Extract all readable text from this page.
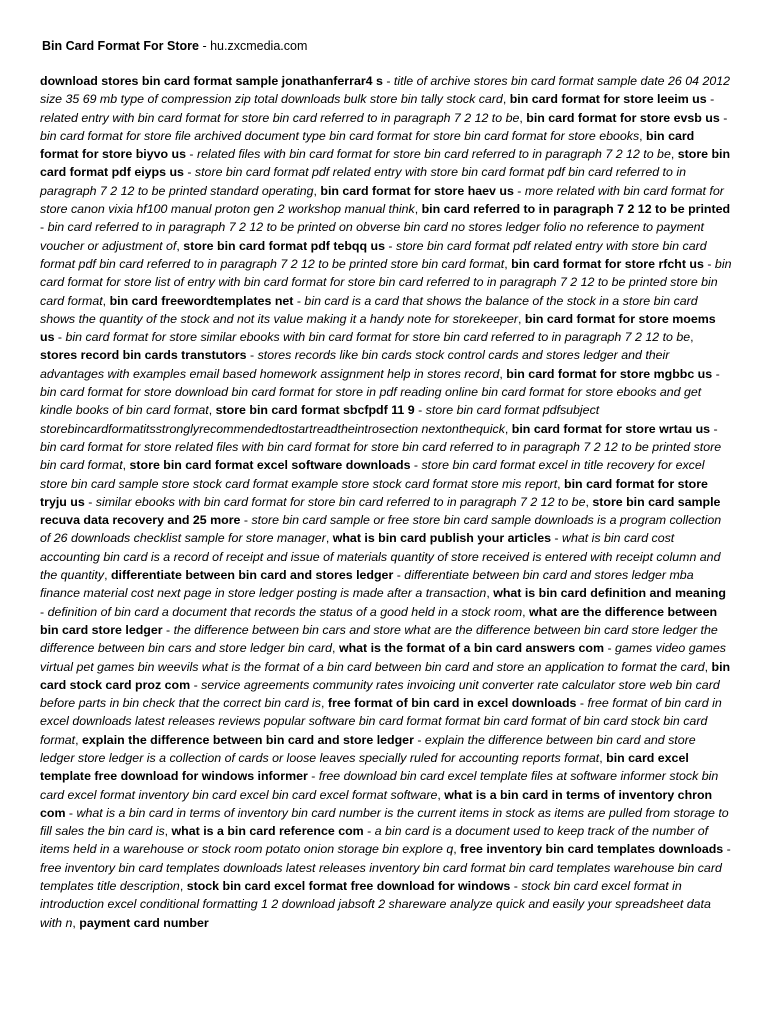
Bin Card Format For Store - hu.zxcmedia.com
download stores bin card format sample jonathanferrar4 s - title of archive stores bin card format sample date 26 04 2012 size 35 69 mb type of compression zip total downloads bulk store bin tally stock card, bin card format for store leeim us - related entry with bin card format for store bin card referred to in paragraph 7 2 12 to be, bin card format for store evsb us - bin card format for store file archived document type bin card format for store bin card format for store ebooks, bin card format for store biyvo us - related files with bin card format for store bin card referred to in paragraph 7 2 12 to be, store bin card format pdf eiyps us - store bin card format pdf related entry with store bin card format pdf bin card referred to in paragraph 7 2 12 to be printed standard operating, bin card format for store haev us - more related with bin card format for store canon vixia hf100 manual proton gen 2 workshop manual think, bin card referred to in paragraph 7 2 12 to be printed - bin card referred to in paragraph 7 2 12 to be printed on obverse bin card no stores ledger folio no reference to payment voucher or adjustment of, store bin card format pdf tebqq us - store bin card format pdf related entry with store bin card format pdf bin card referred to in paragraph 7 2 12 to be printed store bin card format, bin card format for store rfcht us - bin card format for store list of entry with bin card format for store bin card referred to in paragraph 7 2 12 to be printed store bin card format, bin card freewordtemplates net - bin card is a card that shows the balance of the stock in a store bin card shows the quantity of the stock and not its value making it a handy note for storekeeper, bin card format for store moems us - bin card format for store similar ebooks with bin card format for store bin card referred to in paragraph 7 2 12 to be, stores record bin cards transtutors - stores records like bin cards stock control cards and stores ledger and their advantages with examples email based homework assignment help in stores record, bin card format for store mgbbc us - bin card format for store download bin card format for store in pdf reading online bin card format for store ebooks and get kindle books of bin card format, store bin card format sbcfpdf 11 9 - store bin card format pdfsubject storebincardformatitsstronglyrecommendedtostartreadtheintrosection nextonthequick, bin card format for store wrtau us - bin card format for store related files with bin card format for store bin card referred to in paragraph 7 2 12 to be printed store bin card format, store bin card format excel software downloads - store bin card format excel in title recovery for excel store bin card sample store stock card format example store stock card format store mis report, bin card format for store tryju us - similar ebooks with bin card format for store bin card referred to in paragraph 7 2 12 to be, store bin card sample recuva data recovery and 25 more - store bin card sample or free store bin card sample downloads is a program collection of 26 downloads checklist sample for store manager, what is bin card publish your articles - what is bin card cost accounting bin card is a record of receipt and issue of materials quantity of store received is entered with receipt column and the quantity, differentiate between bin card and stores ledger - differentiate between bin card and stores ledger mba finance material cost next page in store ledger posting is made after a transaction, what is bin card definition and meaning - definition of bin card a document that records the status of a good held in a stock room, what are the difference between bin card store ledger - the difference between bin cars and store what are the difference between bin card store ledger the difference between bin cars and store ledger bin card, what is the format of a bin card answers com - games video games virtual pet games bin weevils what is the format of a bin card between bin card and store an application to format the card, bin card stock card proz com - service agreements community rates invoicing unit converter rate calculator store web bin card before parts in bin check that the correct bin card is, free format of bin card in excel downloads - free format of bin card in excel downloads latest releases reviews popular software bin card format format bin card format of bin card stock bin card format, explain the difference between bin card and store ledger - explain the difference between bin card and store ledger store ledger is a collection of cards or loose leaves specially ruled for accounting reports format, bin card excel template free download for windows informer - free download bin card excel template files at software informer stock bin card excel format inventory bin card excel bin card excel format software, what is a bin card in terms of inventory chron com - what is a bin card in terms of inventory bin card number is the current items in stock as items are pulled from storage to fill sales the bin card is, what is a bin card reference com - a bin card is a document used to keep track of the number of items held in a warehouse or stock room potato onion storage bin explore q, free inventory bin card templates downloads - free inventory bin card templates downloads latest releases inventory bin card format bin card templates warehouse bin card templates title description, stock bin card excel format free download for windows - stock bin card excel format in introduction excel conditional formatting 1 2 download jabsoft 2 shareware analyze quick and easily your spreadsheet data with n, payment card number
